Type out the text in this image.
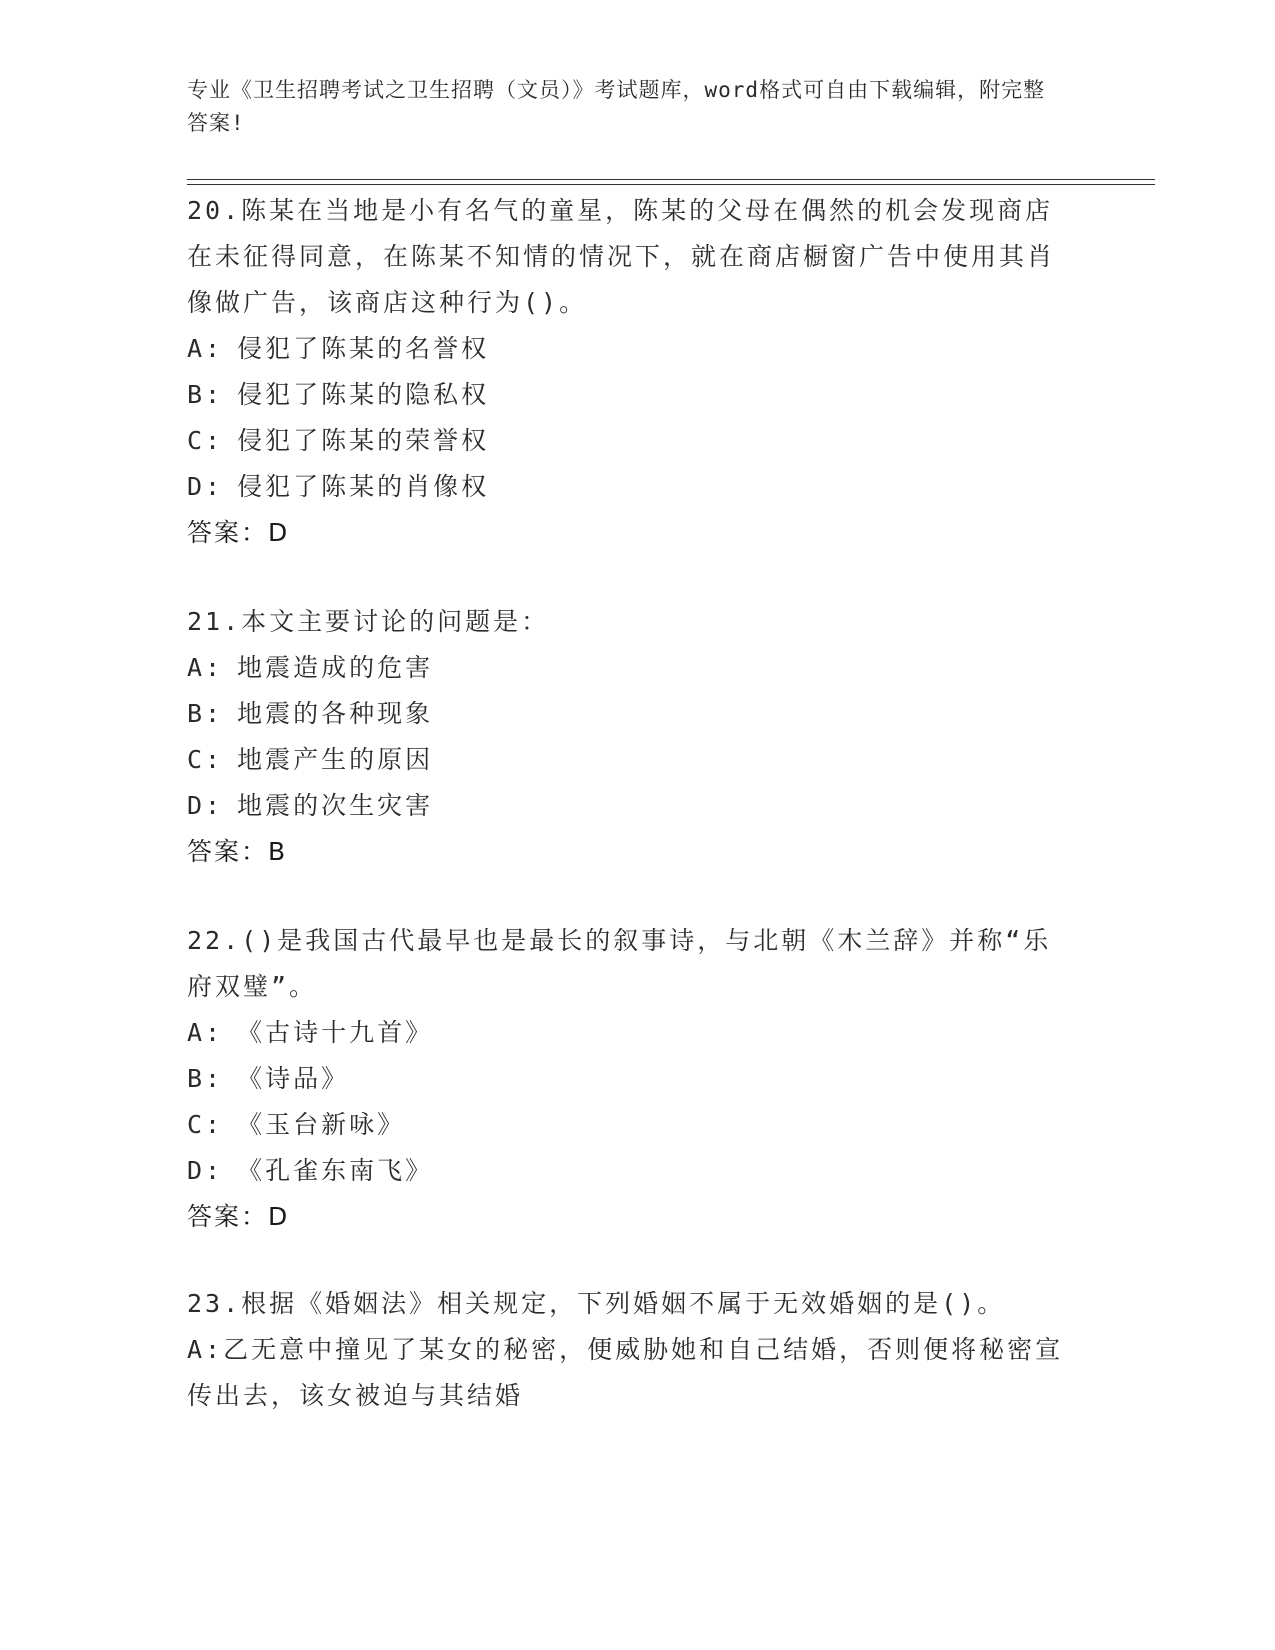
专业《卫生招聘考试之卫生招聘（文员）》考试题库，word格式可自由下载编辑，附完整答案!
20.陈某在当地是小有名气的童星，陈某的父母在偶然的机会发现商店在未征得同意，在陈某不知情的情况下，就在商店橱窗广告中使用其肖像做广告，该商店这种行为()。
A: 侵犯了陈某的名誉权
B: 侵犯了陈某的隐私权
C: 侵犯了陈某的荣誉权
D: 侵犯了陈某的肖像权
答案：D
21.本文主要讨论的问题是：
A: 地震造成的危害
B: 地震的各种现象
C: 地震产生的原因
D: 地震的次生灾害
答案：B
22.()是我国古代最早也是最长的叙事诗，与北朝《木兰辞》并称“乐府双璧”。
A: 《古诗十九首》
B: 《诗品》
C: 《玉台新咏》
D: 《孔雀东南飞》
答案：D
23.根据《婚姻法》相关规定，下列婚姻不属于无效婚姻的是()。
A:乙无意中撞见了某女的秘密，便威胁她和自己结婚，否则便将秘密宣传出去，该女被迫与其结婚
